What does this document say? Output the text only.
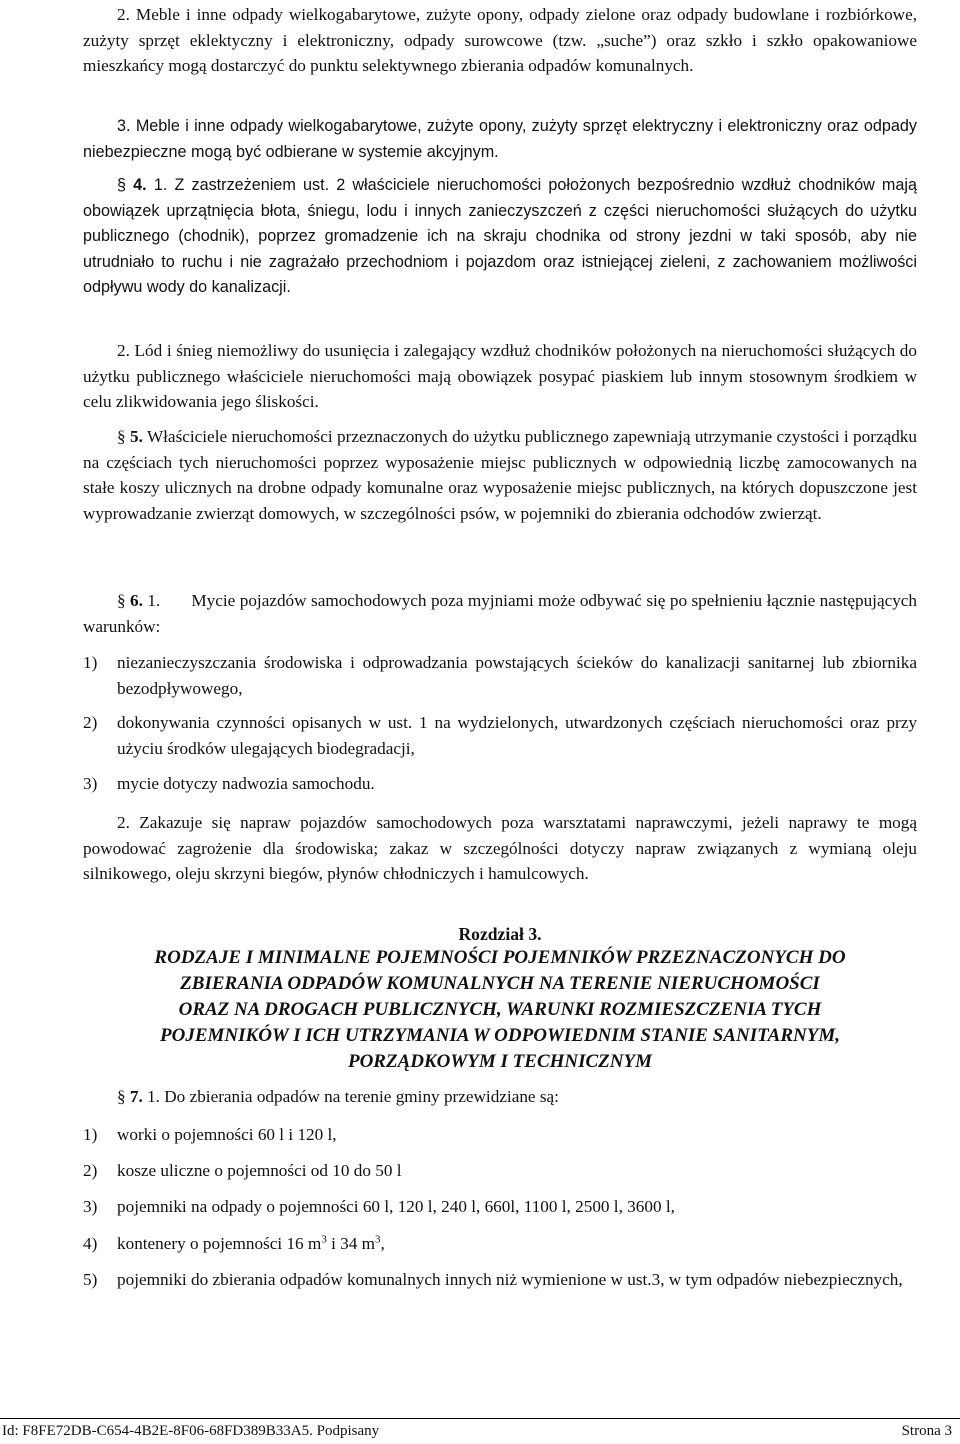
2. Meble i inne odpady wielkogabarytowe, zużyte opony, odpady zielone oraz odpady budowlane i rozbiórkowe, zużyty sprzęt eklektyczny i elektroniczny, odpady surowcowe (tzw. „suche”) oraz szkło i szkło opakowaniowe mieszkańcy mogą dostarczyć do punktu selektywnego zbierania odpadów komunalnych.

3. Meble i inne odpady wielkogabarytowe, zużyte opony, zużyty sprzęt elektryczny i elektroniczny oraz odpady niebezpieczne mogą być odbierane w systemie akcyjnym.

§ 4. 1. Z zastrzeżeniem ust. 2 właściciele nieruchomości położonych bezpośrednio wzdłuż chodników mają obowiązek uprzątnięcia błota, śniegu, lodu i innych zanieczyszczeń z części nieruchomości służących do użytku publicznego (chodnik), poprzez gromadzenie ich na skraju chodnika od strony jezdni w taki sposób, aby nie utrudniało to ruchu i nie zagrażało przechodniom i pojazdom oraz istniejącej zieleni, z zachowaniem możliwości odpływu wody do kanalizacji.

2. Lód i śnieg niemożliwy do usunięcia i zalegający wzdłuż chodników położonych na nieruchomości służących do użytku publicznego właściciele nieruchomości mają obowiązek posypać piaskiem lub innym stosownym środkiem w celu zlikwidowania jego śliskości.

§ 5. Właściciele nieruchomości przeznaczonych do użytku publicznego zapewniają utrzymanie czystości i porządku na częściach tych nieruchomości poprzez wyposażenie miejsc publicznych w odpowiednią liczbę zamocowanych na stałe koszy ulicznych na drobne odpady komunalne oraz wyposażenie miejsc publicznych, na których dopuszczone jest wyprowadzanie zwierząt domowych, w szczególności psów, w pojemniki do zbierania odchodów zwierząt.

§ 6. 1. Mycie pojazdów samochodowych poza myjniami może odbywać się po spełnieniu łącznie następujących warunków:

1) niezanieczyszczania środowiska i odprowadzania powstających ścieków do kanalizacji sanitarnej lub zbiornika bezodpływowego,

2) dokonywania czynności opisanych w ust. 1 na wydzielonych, utwardzonych częściach nieruchomości oraz przy użyciu środków ulegających biodegradacji,

3) mycie dotyczy nadwozia samochodu.

2. Zakazuje się napraw pojazdów samochodowych poza warsztatami naprawczymi, jeżeli naprawy te mogą powodować zagrożenie dla środowiska; zakaz w szczególności dotyczy napraw związanych z wymianą oleju silnikowego, oleju skrzyni biegów, płynów chłodniczych i hamulcowych.

Rozdział 3.

RODZAJE I MINIMALNE POJEMNOŚCI POJEMNIKÓW PRZEZNACZONYCH DO
ZBIERANIA ODPADÓW KOMUNALNYCH NA TERENIE NIERUCHOMOŚCI
ORAZ NA DROGACH PUBLICZNYCH, WARUNKI ROZMIESZCZENIA TYCH
POJEMNIKÓW I ICH UTRZYMANIA W ODPOWIEDNIM STANIE SANITARNYM,
PORZĄDKOWYM I TECHNICZNYM

§ 7. 1. Do zbierania odpadów na terenie gminy przewidziane są:

1) worki o pojemności 60 l i 120 l,

2) kosze uliczne o pojemności od 10 do 50 l

3) pojemniki na odpady o pojemności 60 l, 120 l, 240 l, 660l, 1100 l, 2500 l, 3600 l,

4) kontenery o pojemności 16 $m^3$ i 34 $m^3$,

5) pojemniki do zbierania odpadów komunalnych innych niż wymienione w ust.3, w tym odpadów niebezpiecznych,

Id: F8FE72DB-C654-4B2E-8F06-68FD389B33A5. Podpisany	Strona 3
